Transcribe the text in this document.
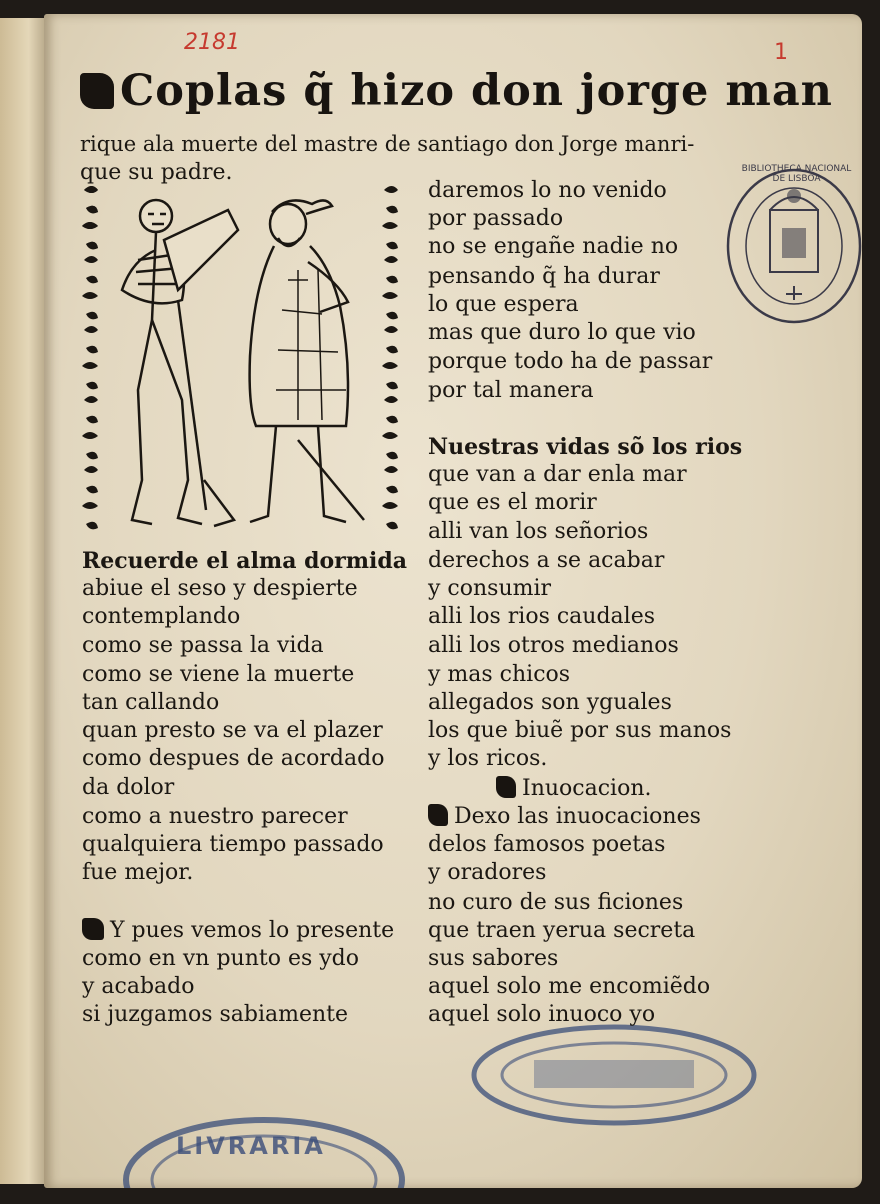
2181	1
BIBLIOTHECA NACIONAL DE LISBOA
LIVRARIA
Coplas q̃ hizo don jorge man
rique ala muerte del mastre de santiago don Jorge manri-
que su padre.
Recuerde el alma dormida
abiue el seso y despierte
contemplando
como se passa la vida
como se viene la muerte
tan callando
quan presto se va el plazer
como despues de acordado
da dolor
como a nuestro parecer
qualquiera tiempo passado
fue mejor.
Y pues vemos lo presente
como en vn punto es ydo
y acabado
si juzgamos sabiamente
daremos lo no venido
por passado
no se engañe nadie no
pensando q̃ ha durar
lo que espera
mas que duro lo que vio
porque todo ha de passar
por tal manera
Nuestras vidas sõ los rios
que van a dar enla mar
que es el morir
alli van los señorios
derechos a se acabar
y consumir
alli los rios caudales
alli los otros medianos
y mas chicos
allegados son yguales
los que biuẽ por sus manos
y los ricos.
Inuocacion.
Dexo las inuocaciones
delos famosos poetas
y oradores
no curo de sus ficiones
que traen yerua secreta
sus sabores
aquel solo me encomiẽdo
aquel solo inuoco yo
